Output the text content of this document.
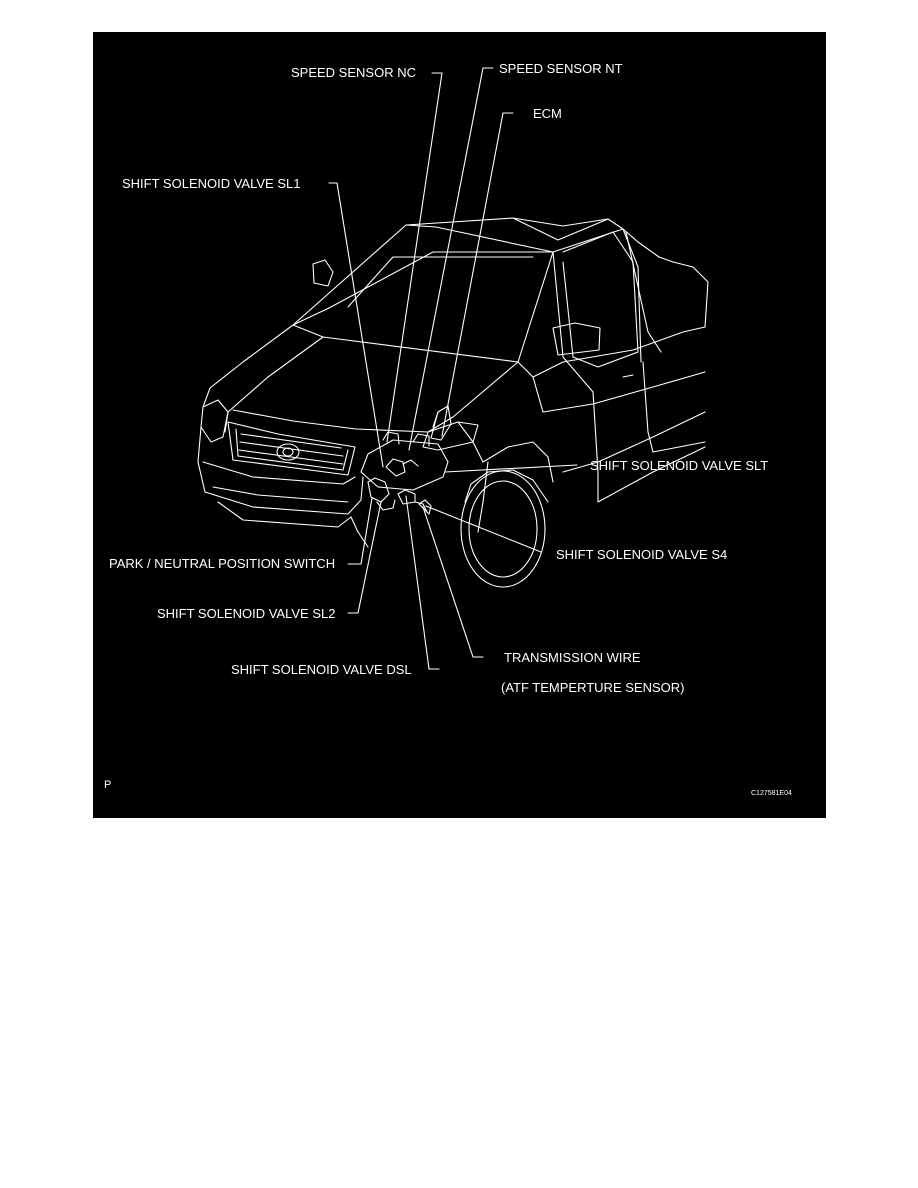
SPEED SENSOR NC	SPEED SENSOR NT
ECM
SHIFT SOLENOID VALVE SL1
SHIFT SOLENOID VALVE SLT
PARK / NEUTRAL POSITION SWITCH
SHIFT SOLENOID VALVE S4
SHIFT SOLENOID VALVE SL2
SHIFT SOLENOID VALVE DSL
TRANSMISSION WIRE
(ATF TEMPERTURE SENSOR)
P
C127581E04
